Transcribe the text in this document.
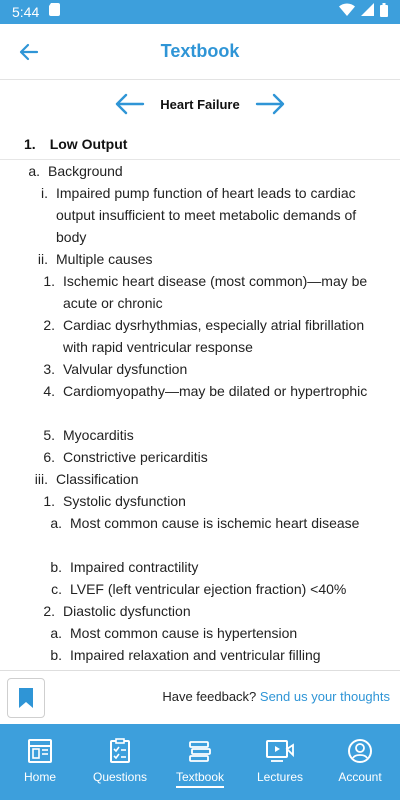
5:44
Textbook
Heart Failure
1. Low Output
a. Background
i. Impaired pump function of heart leads to cardiac output insufficient to meet metabolic demands of body
ii. Multiple causes
1. Ischemic heart disease (most common)—may be acute or chronic
2. Cardiac dysrhythmias, especially atrial fibrillation with rapid ventricular response
3. Valvular dysfunction
4. Cardiomyopathy—may be dilated or hypertrophic
5. Myocarditis
6. Constrictive pericarditis
iii. Classification
1. Systolic dysfunction
a. Most common cause is ischemic heart disease
b. Impaired contractility
c. LVEF (left ventricular ejection fraction) <40%
2. Diastolic dysfunction
a. Most common cause is hypertension
b. Impaired relaxation and ventricular filling
Have feedback? Send us your thoughts
Home	Questions Textbook	Lectures	Account
